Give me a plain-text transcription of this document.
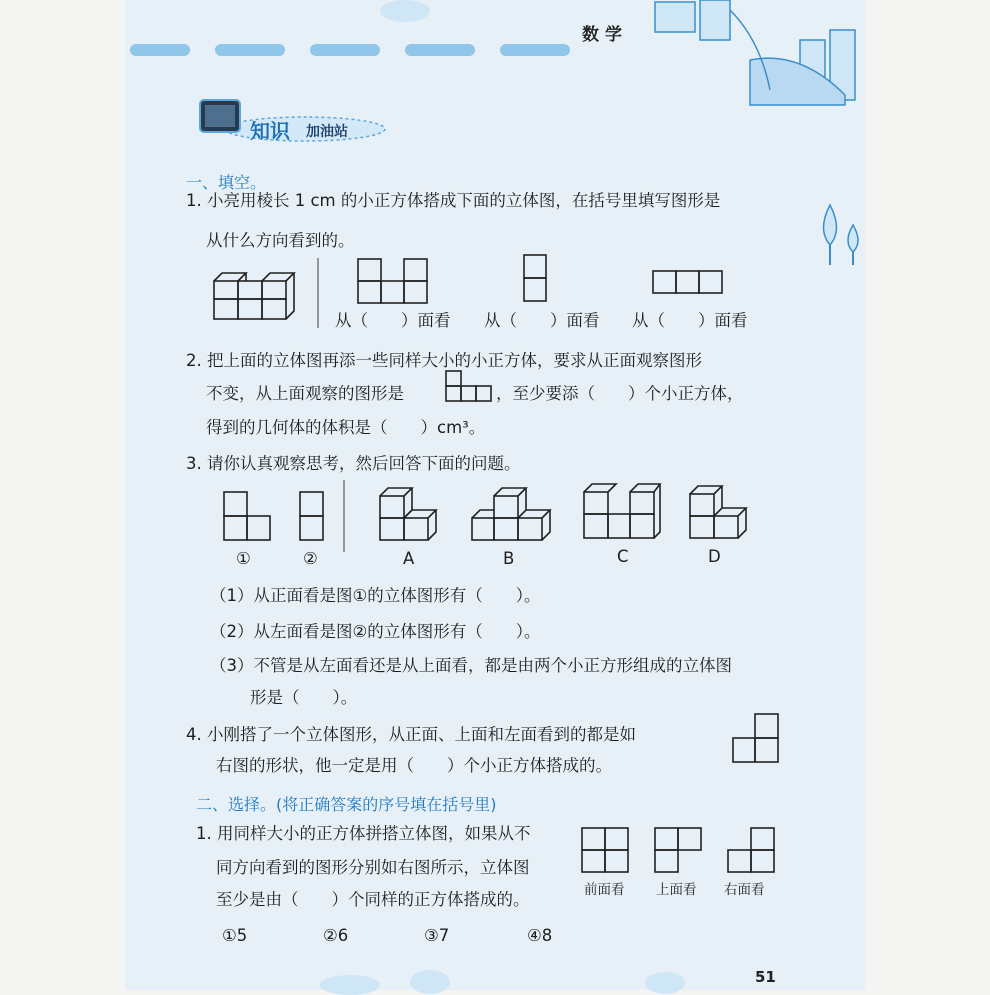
数学
知识 加油站
一、填空。
1. 小亮用棱长 1 cm 的小正方体搭成下面的立体图，在括号里填写图形是
从什么方向看到的。
从（　　）面看 从（　　）面看 从（　　）面看
2. 把上面的立体图再添一些同样大小的小正方体，要求从正面观察图形
不变，从上面观察的图形是	，至少要添（　　）个小正方体，
得到的几何体的体积是（　　）cm³。
3. 请你认真观察思考，然后回答下面的问题。
①	②	A	B	C	D
（1）从正面看是图①的立体图形有（　　）。
（2）从左面看是图②的立体图形有（　　）。
（3）不管是从左面看还是从上面看，都是由两个小正方形组成的立体图
形是（　　）。
4. 小刚搭了一个立体图形，从正面、上面和左面看到的都是如
右图的形状，他一定是用（　　）个小正方体搭成的。
二、选择。(将正确答案的序号填在括号里)
1. 用同样大小的正方体拼搭立体图，如果从不
同方向看到的图形分别如右图所示，立体图
至少是由（　　）个同样的正方体搭成的。	前面看 上面看 右面看
①5	②6	③7	④8
51
